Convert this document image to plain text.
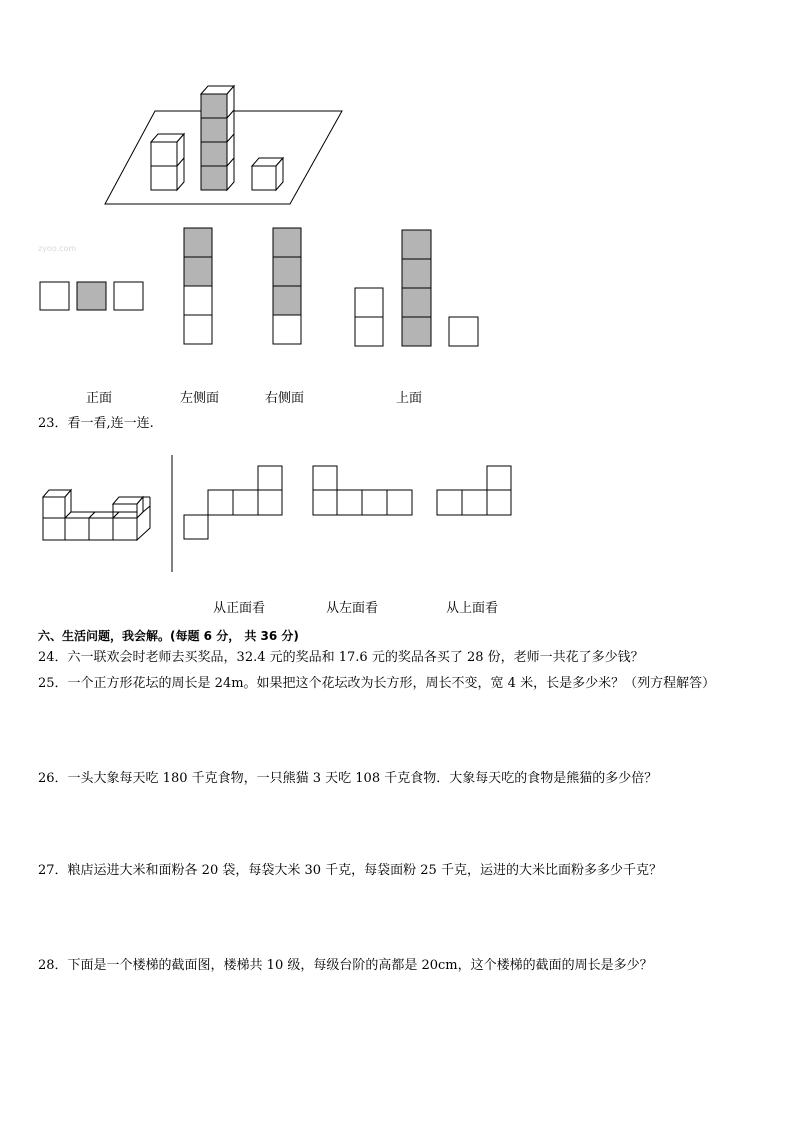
zyoo.com
正面	左侧面	右侧面	上面
23．看一看,连一连.
从正面看	从左面看	从上面看
六、生活问题，我会解。(每题 6 分， 共 36 分)
24．六一联欢会时老师去买奖品，32.4 元的奖品和 17.6 元的奖品各买了 28 份，老师一共花了多少钱？
25．一个正方形花坛的周长是 24m。如果把这个花坛改为长方形，周长不变，宽 4 米，长是多少米？（列方程解答）
26．一头大象每天吃 180 千克食物，一只熊猫 3 天吃 108 千克食物．大象每天吃的食物是熊猫的多少倍？
27．粮店运进大米和面粉各 20 袋，每袋大米 30 千克，每袋面粉 25 千克，运进的大米比面粉多多少千克？
28．下面是一个楼梯的截面图，楼梯共 10 级，每级台阶的高都是 20cm，这个楼梯的截面的周长是多少？
